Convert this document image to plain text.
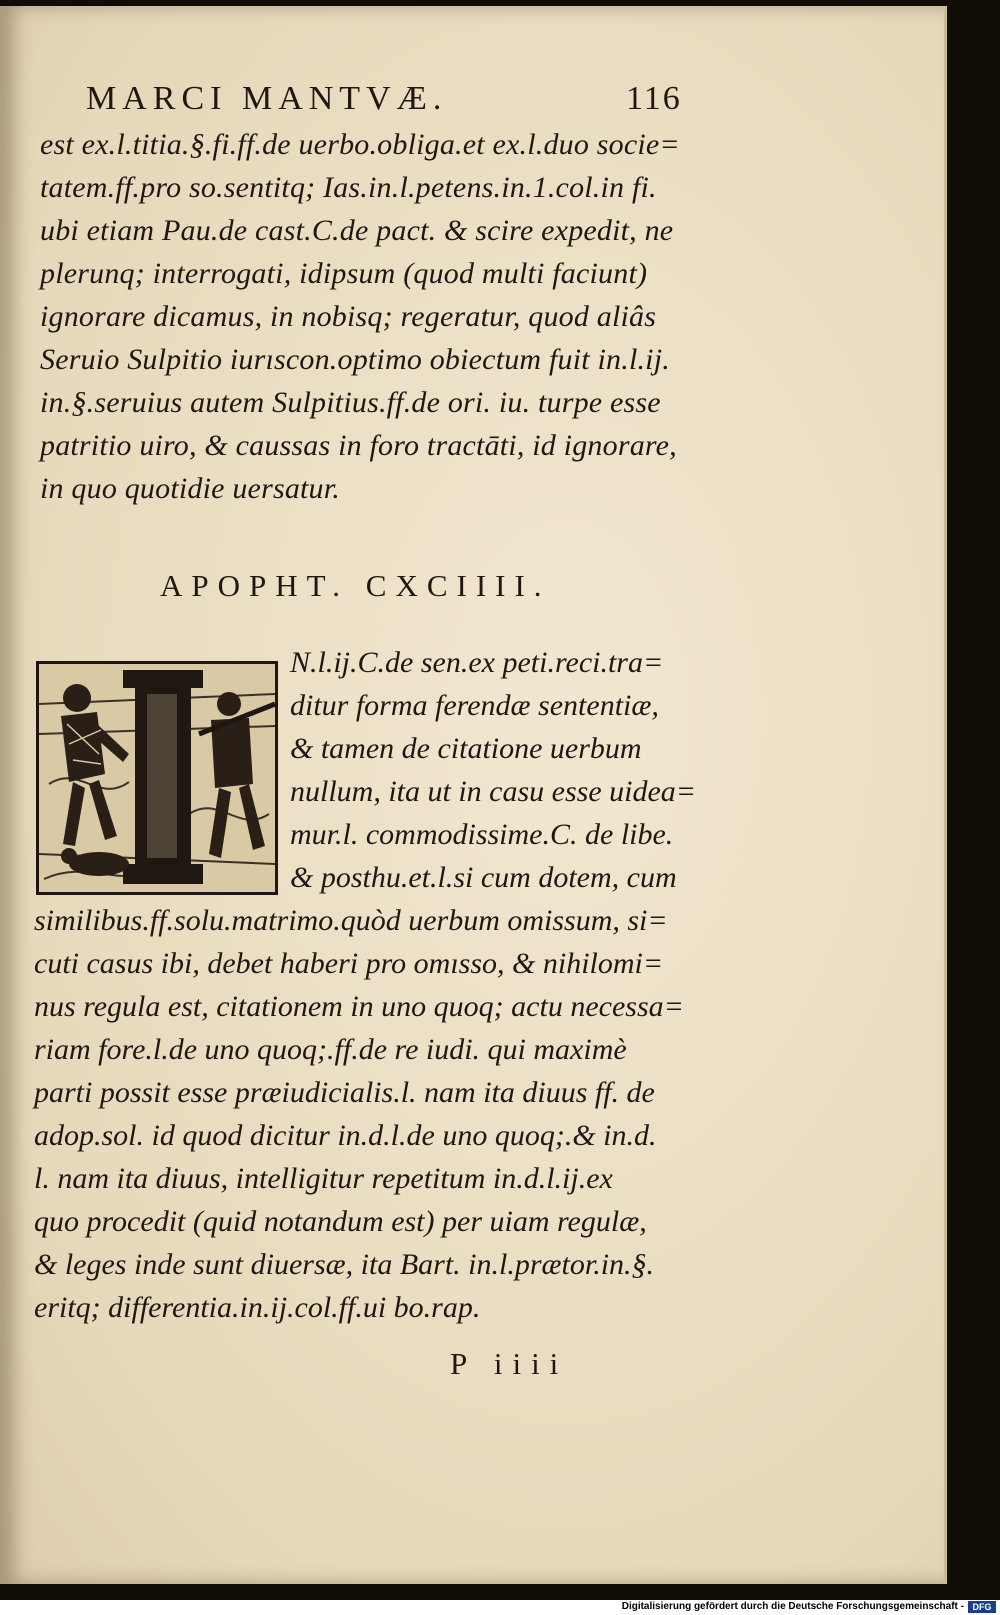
MARCI MANTVÆ.	116
est ex.l.titia.§.fi.ff.de uerbo.obliga.et ex.l.duo socie=
tatem.ff.pro so.sentitq; Ias.in.l.petens.in.1.col.in fi.
ubi etiam Pau.de cast.C.de pact. & scire expedit, ne
plerunq; interrogati, idipsum (quod multi faciunt)
ignorare dicamus, in nobisq; regeratur, quod aliâs
Seruio Sulpitio iurıscon.optimo obiectum fuit in.l.ij.
in.§.seruius autem Sulpitius.ff.de ori. iu. turpe esse
patritio uiro, & caussas in foro tractāti, id ignorare,
in quo quotidie uersatur.
APOPHT. CXCIIII.
N.l.ij.C.de sen.ex peti.reci.tra=
ditur forma ferendæ sententiæ,
& tamen de citatione uerbum
nullum, ita ut in casu esse uidea=
mur.l. commodissime.C. de libe.
& posthu.et.l.si cum dotem, cum
similibus.ff.solu.matrimo.quòd uerbum omissum, si=
cuti casus ibi, debet haberi pro omısso, & nihilomi=
nus regula est, citationem in uno quoq; actu necessa=
riam fore.l.de uno quoq;.ff.de re iudi. qui maximè
parti possit esse præiudicialis.l. nam ita diuus ff. de
adop.sol. id quod dicitur in.d.l.de uno quoq;.& in.d.
l. nam ita diuus, intelligitur repetitum in.d.l.ij.ex
quo procedit (quid notandum est) per uiam regulæ,
& leges inde sunt diuersæ, ita Bart. in.l.prætor.in.§.
eritq; differentia.in.ij.col.ff.ui bo.rap.
P iiii
Digitalisierung gefördert durch die Deutsche Forschungsgemeinschaft - DFG
